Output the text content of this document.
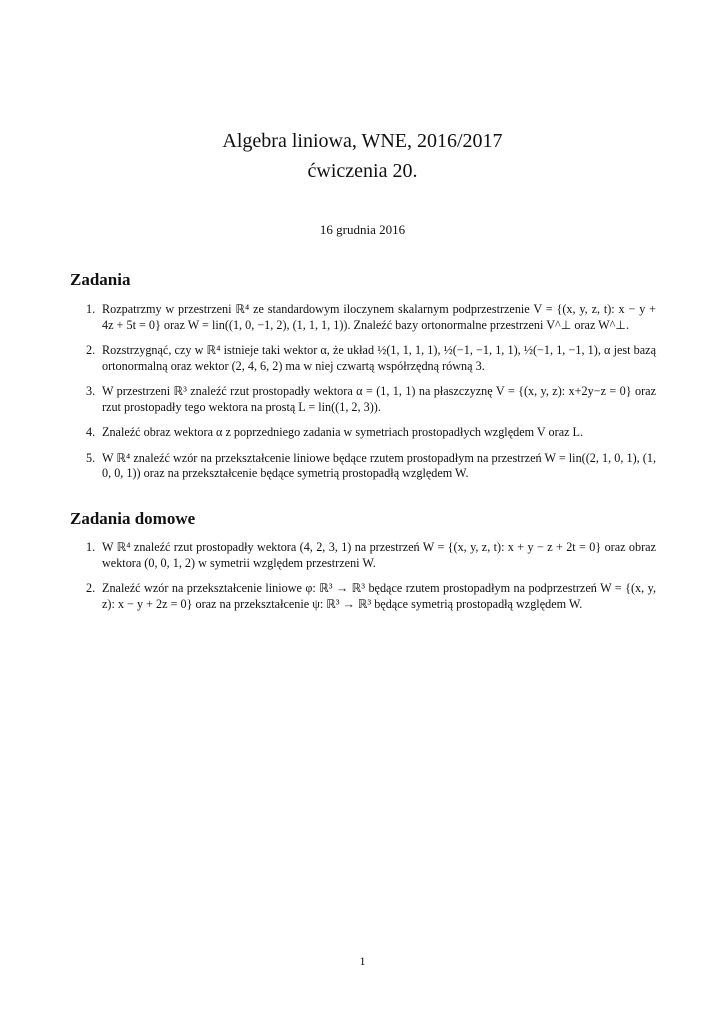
Algebra liniowa, WNE, 2016/2017
ćwiczenia 20.
16 grudnia 2016
Zadania
1. Rozpatrzmy w przestrzeni ℝ⁴ ze standardowym iloczynem skalarnym podprzestrzenie V = {(x, y, z, t): x − y + 4z + 5t = 0} oraz W = lin((1, 0, −1, 2), (1, 1, 1, 1)). Znaleźć bazy ortonormalne przestrzeni V^⊥ oraz W^⊥.
2. Rozstrzygnąć, czy w ℝ⁴ istnieje taki wektor α, że układ ½(1, 1, 1, 1), ½(−1, −1, 1, 1), ½(−1, 1, −1, 1), α jest bazą ortonormalną oraz wektor (2, 4, 6, 2) ma w niej czwartą współrzędną równą 3.
3. W przestrzeni ℝ³ znaleźć rzut prostopadły wektora α = (1, 1, 1) na płaszczyznę V = {(x, y, z): x+2y−z = 0} oraz rzut prostopadły tego wektora na prostą L = lin((1, 2, 3)).
4. Znaleźć obraz wektora α z poprzedniego zadania w symetriach prostopadłych względem V oraz L.
5. W ℝ⁴ znaleźć wzór na przekształcenie liniowe będące rzutem prostopadłym na przestrzeń W = lin((2, 1, 0, 1), (1, 0, 0, 1)) oraz na przekształcenie będące symetrią prostopadłą względem W.
Zadania domowe
1. W ℝ⁴ znaleźć rzut prostopadły wektora (4, 2, 3, 1) na przestrzeń W = {(x, y, z, t): x + y − z + 2t = 0} oraz obraz wektora (0, 0, 1, 2) w symetrii względem przestrzeni W.
2. Znaleźć wzór na przekształcenie liniowe φ: ℝ³ → ℝ³ będące rzutem prostopadłym na podprzestrzeń W = {(x, y, z): x − y + 2z = 0} oraz na przekształcenie ψ: ℝ³ → ℝ³ będące symetrią prostopadłą względem W.
1
